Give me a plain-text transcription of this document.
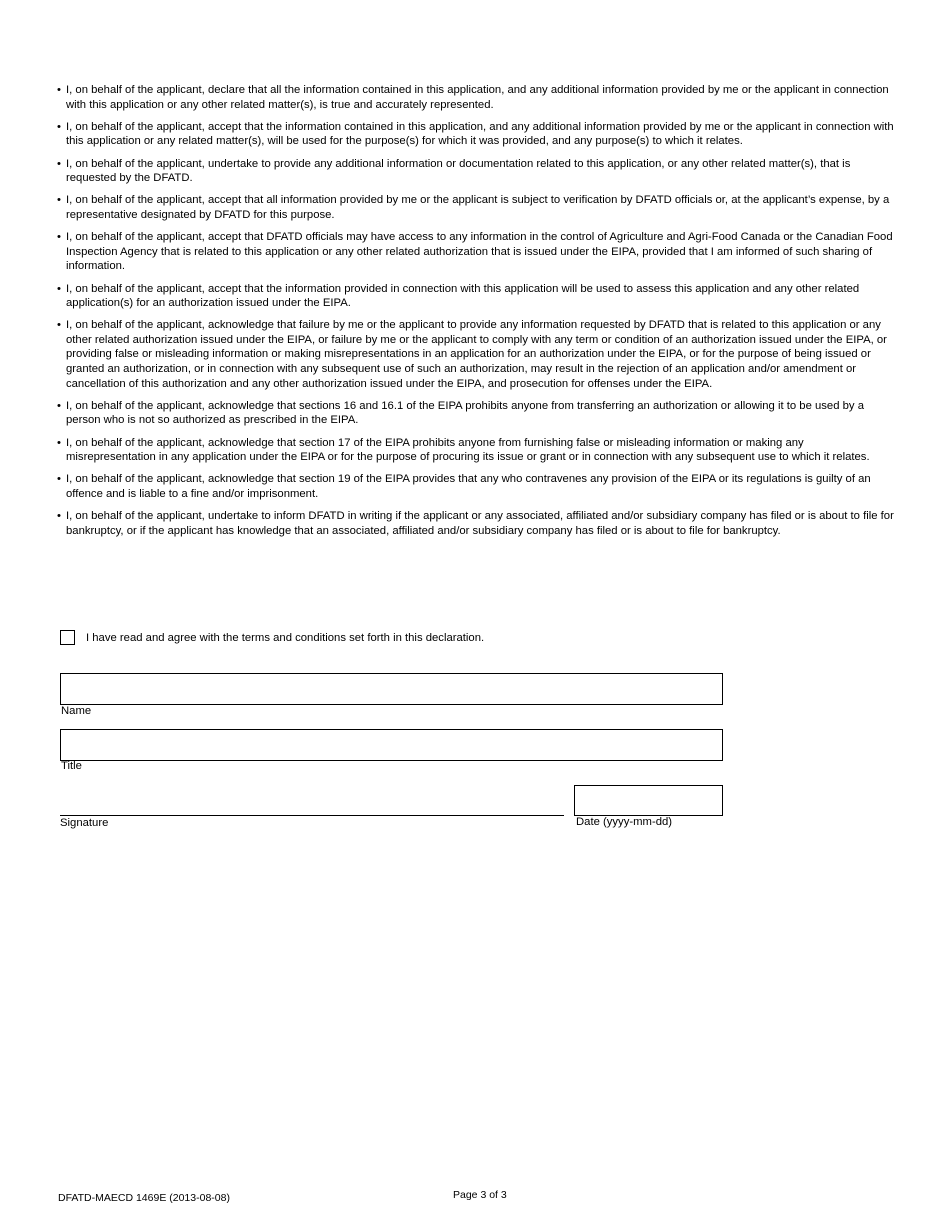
• I, on behalf of the applicant, declare that all the information contained in this application, and any additional information provided by me or the applicant in connection with this application or any other related matter(s), is true and accurately represented.
• I, on behalf of the applicant, accept that the information contained in this application, and any additional information provided by me or the applicant in connection with this application or any related matter(s), will be used for the purpose(s) for which it was provided, and any purpose(s) to which it relates.
• I, on behalf of the applicant, undertake to provide any additional information or documentation related to this application, or any other related matter(s), that is requested by the DFATD.
• I, on behalf of the applicant, accept that all information provided by me or the applicant is subject to verification by DFATD officials or, at the applicant’s expense, by a representative designated by DFATD for this purpose.
• I, on behalf of the applicant, accept that DFATD officials may have access to any information in the control of Agriculture and Agri-Food Canada or the Canadian Food Inspection Agency that is related to this application or any other related authorization that is issued under the EIPA, provided that I am informed of such sharing of information.
• I, on behalf of the applicant, accept that the information provided in connection with this application will be used to assess this application and any other related application(s) for an authorization issued under the EIPA.
• I, on behalf of the applicant, acknowledge that failure by me or the applicant to provide any information requested by DFATD that is related to this application or any other related authorization issued under the EIPA, or failure by me or the applicant to comply with any term or condition of an authorization issued under the EIPA, or providing false or misleading information or making misrepresentations in an application for an authorization under the EIPA, or for the purpose of being issued or granted an authorization, or in connection with any subsequent use of such an authorization, may result in the rejection of an application and/or amendment or cancellation of this authorization and any other authorization issued under the EIPA, and prosecution for offenses under the EIPA.
• I, on behalf of the applicant, acknowledge that sections 16 and 16.1 of the EIPA prohibits anyone from transferring an authorization or allowing it to be used by a person who is not so authorized as prescribed in the EIPA.
• I, on behalf of the applicant, acknowledge that section 17 of the EIPA prohibits anyone from furnishing false or misleading information or making any misrepresentation in any application under the EIPA or for the purpose of procuring its issue or grant or in connection with any subsequent use to which it relates.
• I, on behalf of the applicant, acknowledge that section 19 of the EIPA provides that any who contravenes any provision of the EIPA or its regulations is guilty of an offence and is liable to a fine and/or imprisonment.
• I, on behalf of the applicant, undertake to inform DFATD in writing if the applicant or any associated, affiliated and/or subsidiary company has filed or is about to file for bankruptcy, or if the applicant has knowledge that an associated, affiliated and/or subsidiary company has filed or is about to file for bankruptcy.
I have read and agree with the terms and conditions set forth in this declaration.
Name
Title
Signature	Date (yyyy-mm-dd)
DFATD-MAECD 1469E (2013-08-08)	Page 3 of 3
